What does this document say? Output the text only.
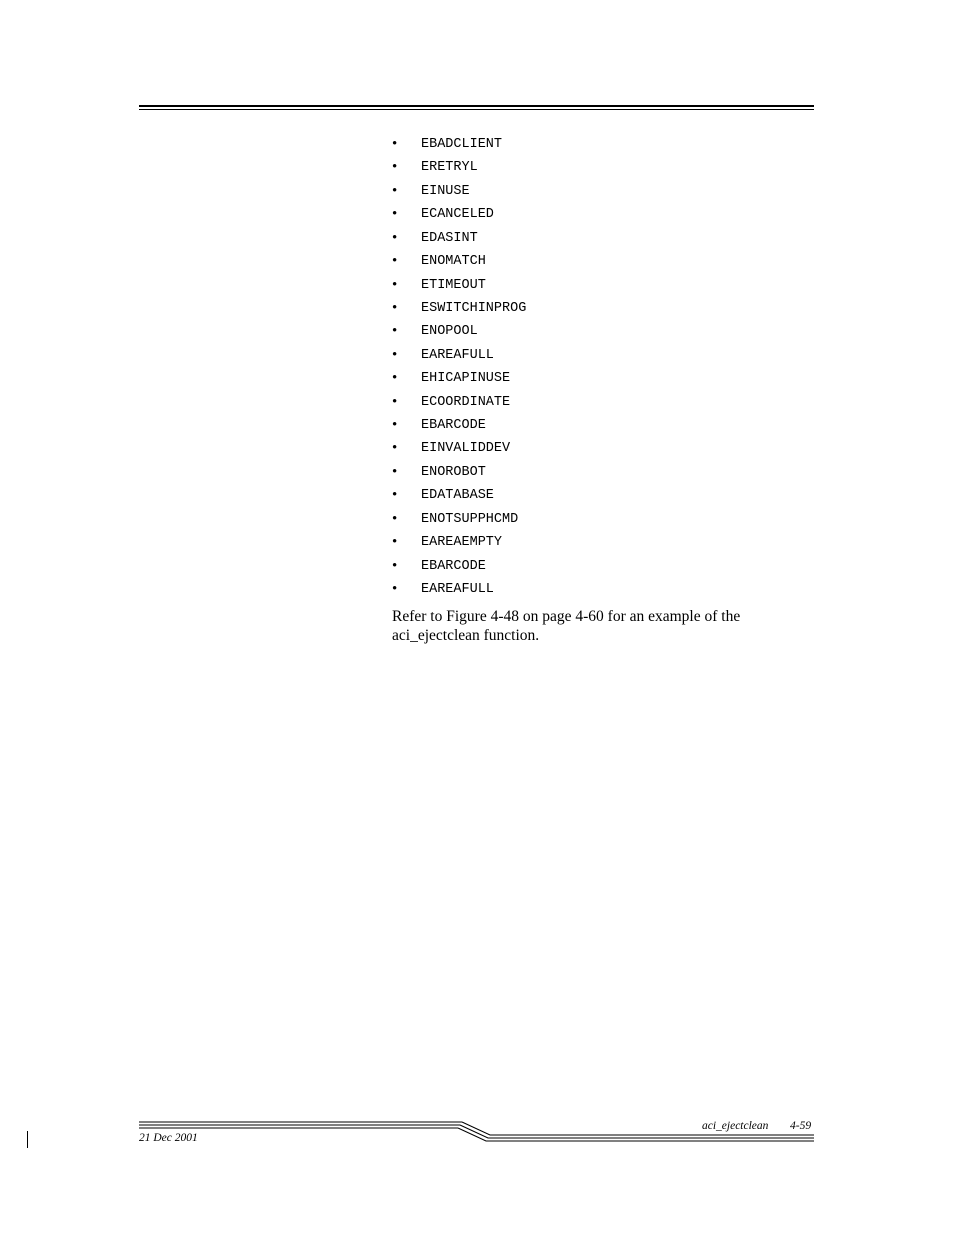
• EBADCLIENT
• ERETRYL
• EINUSE
• ECANCELED
• EDASINT
• ENOMATCH
• ETIMEOUT
• ESWITCHINPROG
• ENOPOOL
• EAREAFULL
• EHICAPINUSE
• ECOORDINATE
• EBARCODE
• EINVALIDDEV
• ENOROBOT
• EDATABASE
• ENOTSUPPHCMD
• EAREAEMPTY
• EBARCODE
• EAREAFULL

Refer to Figure 4-48 on page 4-60 for an example of the aci_ejectclean function.

aci_ejectclean 4-59
21 Dec 2001
